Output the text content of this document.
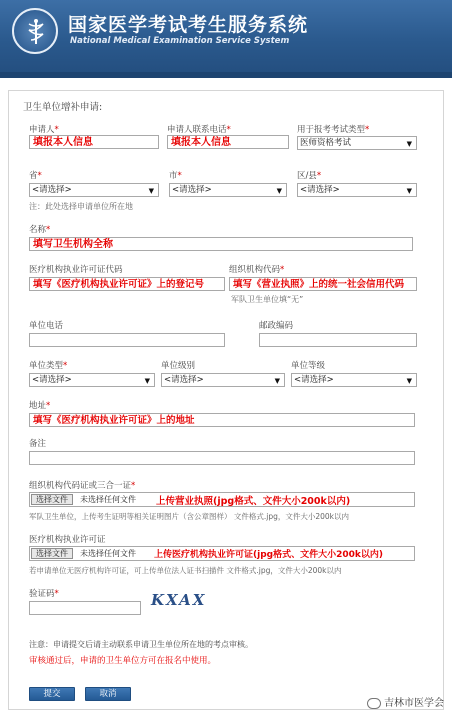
国家医学考试考生服务系统
National Medical Examination Service System
卫生单位增补申请:
申请人*
填报本人信息
申请人联系电话*
填报本人信息
用于报考考试类型*
医师资格考试	▼
省*
<请选择>	▼
市*
<请选择>	▼
区/县*
<请选择>	▼
注：此处选择申请单位所在地
名称*
填写卫生机构全称
医疗机构执业许可证代码
填写《医疗机构执业许可证》上的登记号
组织机构代码*
填写《营业执照》上的统一社会信用代码
军队卫生单位填“无”
单位电话	邮政编码
单位类型*
<请选择>	▼
单位级别
<请选择>	▼
单位等级
<请选择>	▼
地址*
填写《医疗机构执业许可证》上的地址
备注
组织机构代码证或三合一证*
选择文件	未选择任何文件 上传营业执照(jpg格式、文件大小200k以内)
军队卫生单位，上传考生证明等相关证明图片（含公章图样） 文件格式.jpg，文件大小200k以内
医疗机构执业许可证
选择文件	未选择任何文件 上传医疗机构执业许可证(jpg格式、文件大小200k以内)
若申请单位无医疗机构许可证，可上传单位法人证书扫描件 文件格式.jpg，文件大小200k以内
验证码*	KXAX
注意：申请提交后请主动联系申请卫生单位所在地的考点审核。
审核通过后，申请的卫生单位方可在报名中使用。
提交	取消
吉林市医学会
